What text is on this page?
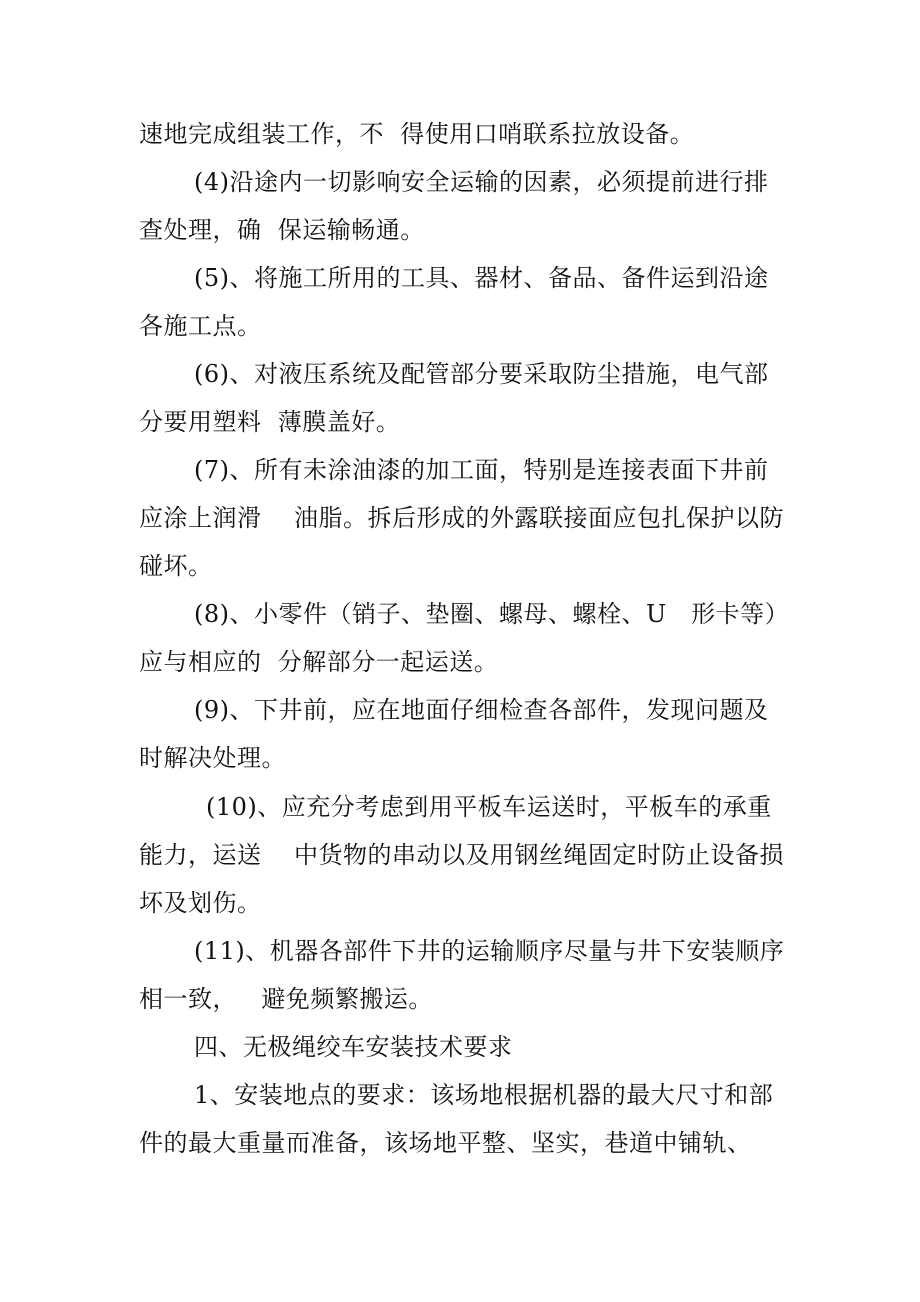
速地完成组装工作，不  得使用口哨联系拉放设备。
(4)沿途内一切影响安全运输的因素，必须提前进行排
查处理，确  保运输畅通。
(5)、将施工所用的工具、器材、备品、备件运到沿途
各施工点。
(6)、对液压系统及配管部分要采取防尘措施，电气部
分要用塑料  薄膜盖好。
(7)、所有未涂油漆的加工面，特别是连接表面下井前
应涂上润滑    油脂。拆后形成的外露联接面应包扎保护以防
碰坏。
(8)、小零件（销子、垫圈、螺母、螺栓、U   形卡等）
应与相应的  分解部分一起运送。
(9)、下井前，应在地面仔细检查各部件，发现问题及
时解决处理。
(10)、应充分考虑到用平板车运送时，平板车的承重
能力，运送    中货物的串动以及用钢丝绳固定时防止设备损
坏及划伤。
(11)、机器各部件下井的运输顺序尽量与井下安装顺序
相一致，   避免频繁搬运。
四、无极绳绞车安装技术要求
1、安装地点的要求：该场地根据机器的最大尺寸和部
件的最大重量而准备，该场地平整、坚实，巷道中铺轨、
